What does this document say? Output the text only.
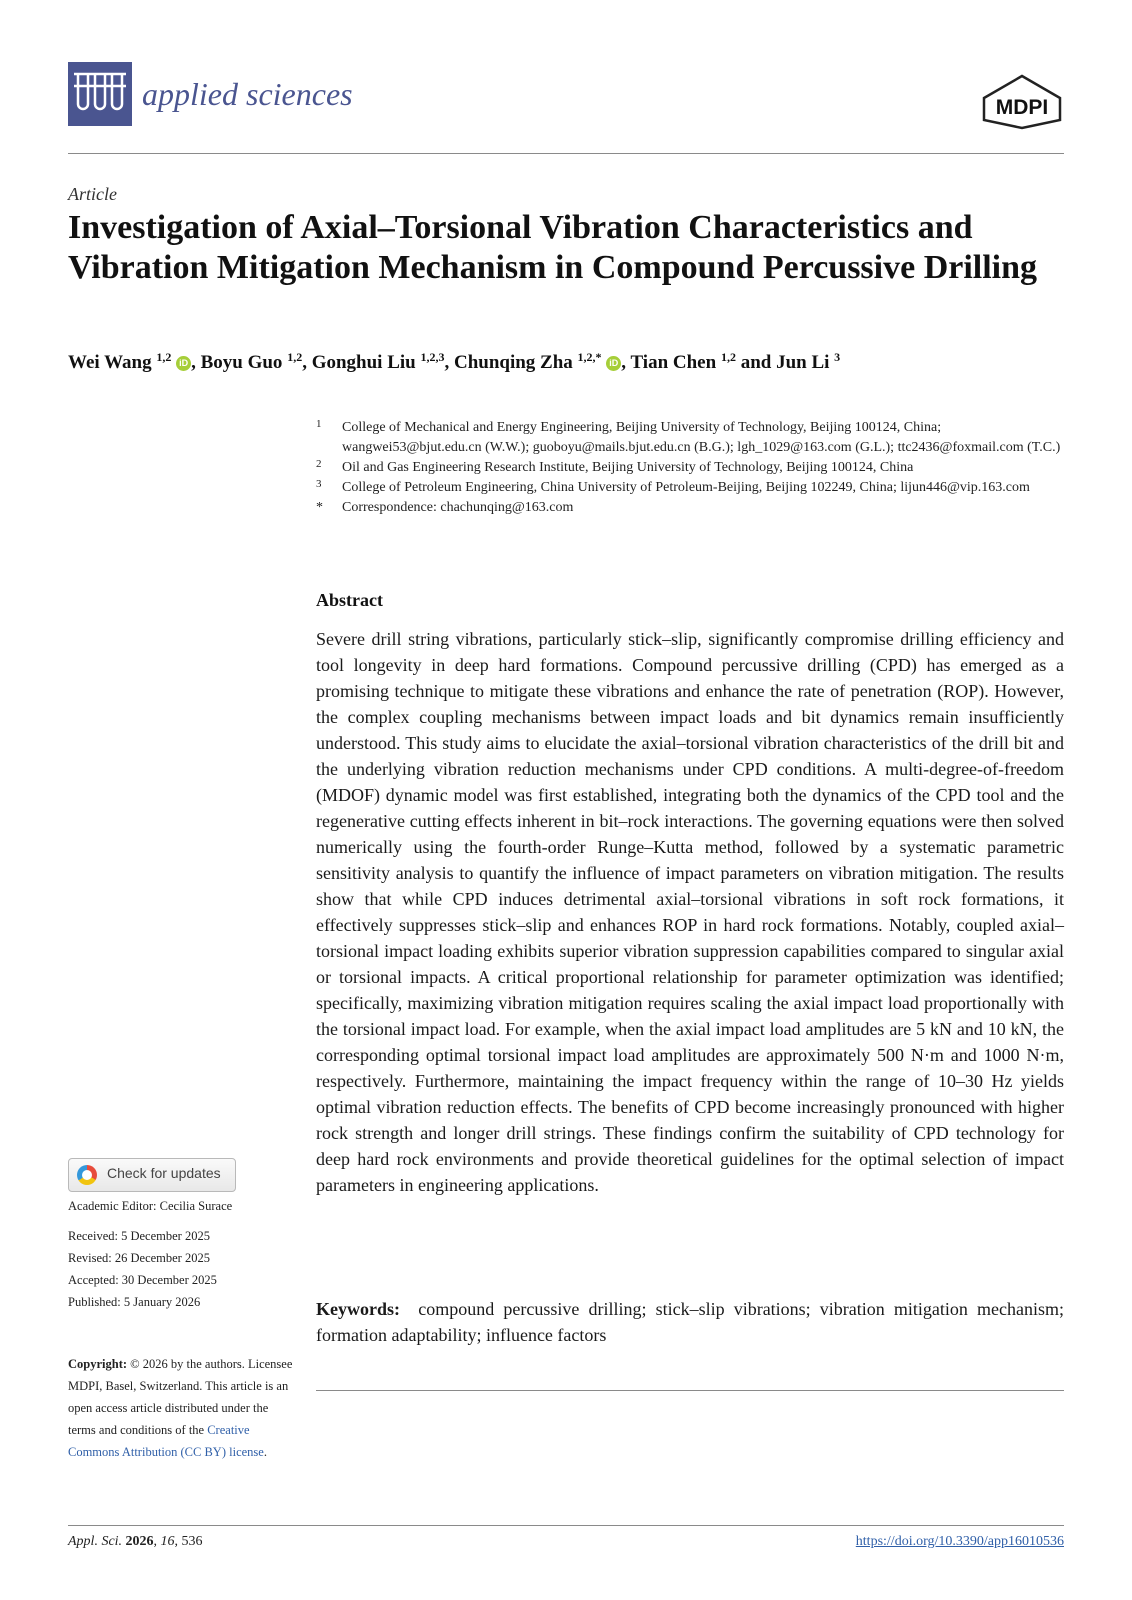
applied sciences	MDPI
Article
Investigation of Axial–Torsional Vibration Characteristics and Vibration Mitigation Mechanism in Compound Percussive Drilling
Wei Wang $^{1,2}$ iD , Boyu Guo $^{1,2}$, Gonghui Liu $^{1,2,3}$, Chunqing Zha $^{1,2,*}$ iD , Tian Chen $^{1,2}$ and Jun Li $^3$
1 College of Mechanical and Energy Engineering, Beijing University of Technology, Beijing 100124, China; wangwei53@bjut.edu.cn (W.W.); guoboyu@mails.bjut.edu.cn (B.G.); lgh_1029@163.com (G.L.); ttc2436@foxmail.com (T.C.)
2 Oil and Gas Engineering Research Institute, Beijing University of Technology, Beijing 100124, China
3 College of Petroleum Engineering, China University of Petroleum-Beijing, Beijing 102249, China; lijun446@vip.163.com
* Correspondence: chachunqing@163.com
Abstract

Severe drill string vibrations, particularly stick–slip, significantly compromise drilling efficiency and tool longevity in deep hard formations. Compound percussive drilling (CPD) has emerged as a promising technique to mitigate these vibrations and enhance the rate of penetration (ROP). However, the complex coupling mechanisms between impact loads and bit dynamics remain insufficiently understood. This study aims to elucidate the axial–torsional vibration characteristics of the drill bit and the underlying vibration reduction mechanisms under CPD conditions. A multi-degree-of-freedom (MDOF) dynamic model was first established, integrating both the dynamics of the CPD tool and the regenerative cutting effects inherent in bit–rock interactions. The governing equations were then solved numerically using the fourth-order Runge–Kutta method, followed by a systematic parametric sensitivity analysis to quantify the influence of impact parameters on vibration mitigation. The results show that while CPD induces detrimental axial–torsional vibrations in soft rock formations, it effectively suppresses stick–slip and enhances ROP in hard rock formations. Notably, coupled axial–torsional impact loading exhibits superior vibration suppression capabilities compared to singular axial or torsional impacts. A critical proportional relationship for parameter optimization was identified; specifically, maximizing vibration mitigation requires scaling the axial impact load proportionally with the torsional impact load. For example, when the axial impact load amplitudes are 5 kN and 10 kN, the corresponding optimal torsional impact load amplitudes are approximately 500 N·m and 1000 N·m, respectively. Furthermore, maintaining the impact frequency within the range of 10–30 Hz yields optimal vibration reduction effects. The benefits of CPD become increasingly pronounced with higher rock strength and longer drill strings. These findings confirm the suitability of CPD technology for deep hard rock environments and provide theoretical guidelines for the optimal selection of impact parameters in engineering applications.

Keywords: compound percussive drilling; stick–slip vibrations; vibration mitigation mechanism; formation adaptability; influence factors

Check for updates
Academic Editor: Cecilia Surace
Received: 5 December 2025
Revised: 26 December 2025
Accepted: 30 December 2025
Published: 5 January 2026
Copyright: © 2026 by the authors. Licensee MDPI, Basel, Switzerland. This article is an open access article distributed under the terms and conditions of the Creative Commons Attribution (CC BY) license.
Appl. Sci. 2026, 16, 536	https://doi.org/10.3390/app16010536
